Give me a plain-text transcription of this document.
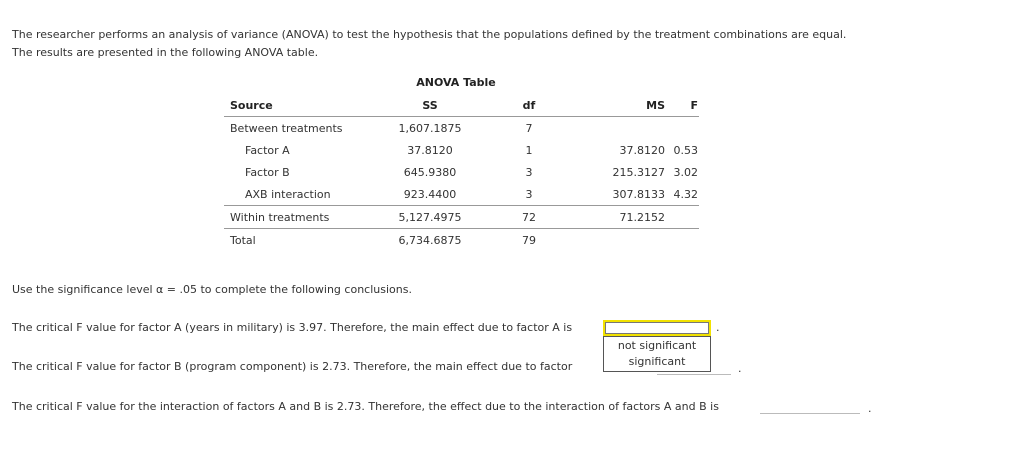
The researcher performs an analysis of variance (ANOVA) to test the hypothesis that the populations defined by the treatment combinations are equal.

The results are presented in the following ANOVA table.

ANOVA Table
Source	SS	df	MS	F
Between treatments	1,607.1875	7		
Factor A	37.8120	1	37.8120	0.53
Factor B	645.9380	3	215.3127	3.02
AXB interaction	923.4400	3	307.8133	4.32
Within treatments	5,127.4975	72	71.2152	
Total	6,734.6875	79		
Use the significance level α = .05 to complete the following conclusions.
The critical F value for factor A (years in military) is 3.97. Therefore, the main effect due to factor A is	.
not significant
significant
The critical F value for factor B (program component) is 2.73. Therefore, the main effect due to factor	.
The critical F value for the interaction of factors A and B is 2.73. Therefore, the effect due to the interaction of factors A and B is	.
